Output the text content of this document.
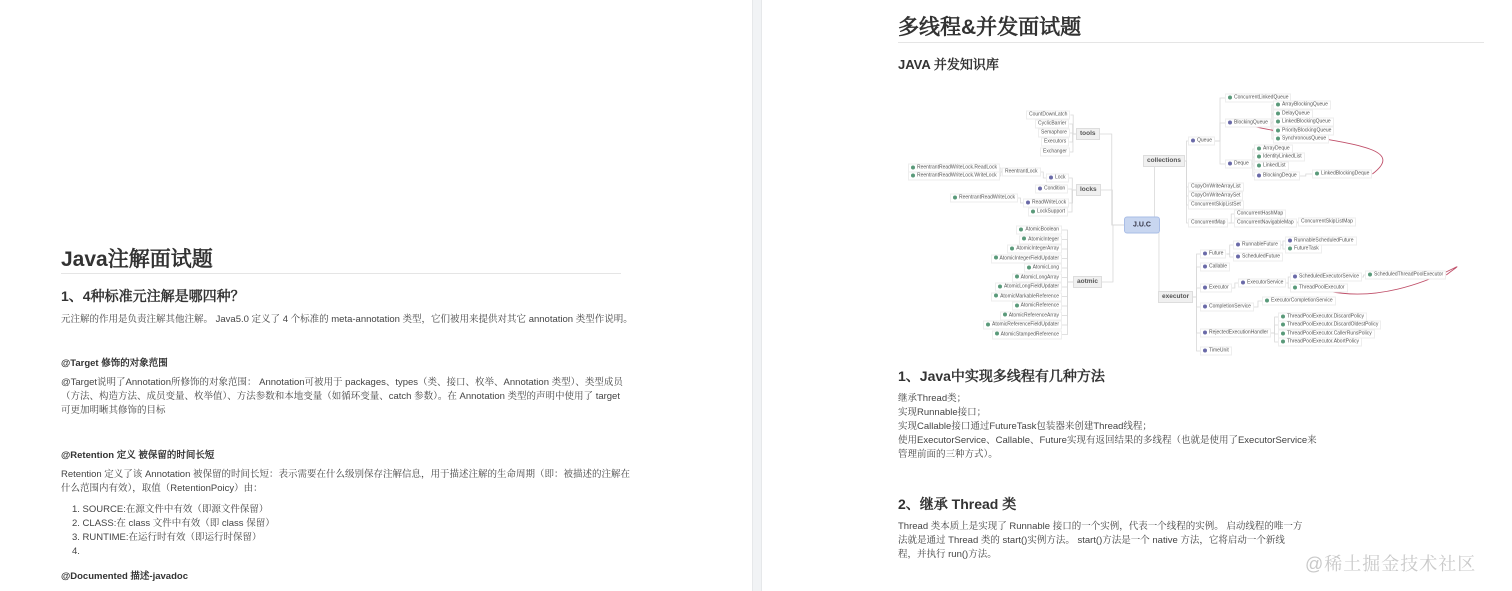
Java注解面试题
1、4种标准元注解是哪四种？
元注解的作用是负责注解其他注解。 Java5.0 定义了 4 个标准的 meta-annotation 类型，它们被用来提供对其它 annotation 类型作说明。
@Target 修饰的对象范围
@Target说明了Annotation所修饰的对象范围： Annotation可被用于 packages、types（类、接口、枚举、Annotation 类型）、类型成员
（方法、构造方法、成员变量、枚举值）、方法参数和本地变量（如循环变量、catch 参数）。在 Annotation 类型的声明中使用了 target
可更加明晰其修饰的目标
@Retention 定义 被保留的时间长短
Retention 定义了该 Annotation 被保留的时间长短：表示需要在什么级别保存注解信息，用于描述注解的生命周期（即：被描述的注解在
什么范围内有效），取值（RetentionPoicy）由：
1. SOURCE:在源文件中有效（即源文件保留）
2. CLASS:在 class 文件中有效（即 class 保留）
3. RUNTIME:在运行时有效（即运行时保留）
4.
@Documented 描述-javadoc
多线程&并发面试题
JAVA 并发知识库
J.U.C
tools
CountDownLatch
CyclicBarrier
Semaphore
Executors
Exchanger
locks
Lock
ReentrantLock
ReentrantReadWriteLock.ReadLock
ReentrantReadWriteLock.WriteLock
Condition
ReadWriteLock
ReentrantReadWriteLock
LockSupport
aotmic
AtomicBoolean
AtomicInteger
AtomicIntegerArray
AtomicIntegerFieldUpdater
AtomicLong
AtomicLongArray
AtomicLongFieldUpdater
AtomicMarkableReference
AtomicReference
AtomicReferenceArray
AtomicReferenceFieldUpdater
AtomicStampedReference
collections
Queue
ConcurrentLinkedQueue
BlockingQueue
ArrayBlockingQueue
DelayQueue
LinkedBlockingQueue
PriorityBlockingQueue
SynchronousQueue
Deque
ArrayDeque
IdentityLinkedList
LinkedList
BlockingDeque	LinkedBlockingDeque
CopyOnWriteArrayList
CopyOnWriteArraySet
ConcurrentSkipListSet
ConcurrentMap
ConcurrentHashMap
ConcurrentNavigableMap	ConcurrentSkipListMap
executor
Future
RunnableFuture
RunnableScheduledFuture
FutureTask
ScheduledFuture
Callable
Executor
ExecutorService
ScheduledExecutorService	ScheduledThreadPoolExecutor
ThreadPoolExecutor
CompletionService
ExecutorCompletionService
RejectedExecutionHandler
ThreadPoolExecutor.DiscardPolicy
ThreadPoolExecutor.DiscardOldestPolicy
ThreadPoolExecutor.CallerRunsPolicy
ThreadPoolExecutor.AbortPolicy
TimeUnit
1、Java中实现多线程有几种方法
继承Thread类；
实现Runnable接口；
实现Callable接口通过FutureTask包装器来创建Thread线程；
使用ExecutorService、Callable、Future实现有返回结果的多线程（也就是使用了ExecutorService来
管理前面的三种方式）。
2、继承 Thread 类
Thread 类本质上是实现了 Runnable 接口的一个实例，代表一个线程的实例。 启动线程的唯一方
法就是通过 Thread 类的 start()实例方法。 start()方法是一个 native 方法，它将启动一个新线
程，并执行 run()方法。	@稀土掘金技术社区
